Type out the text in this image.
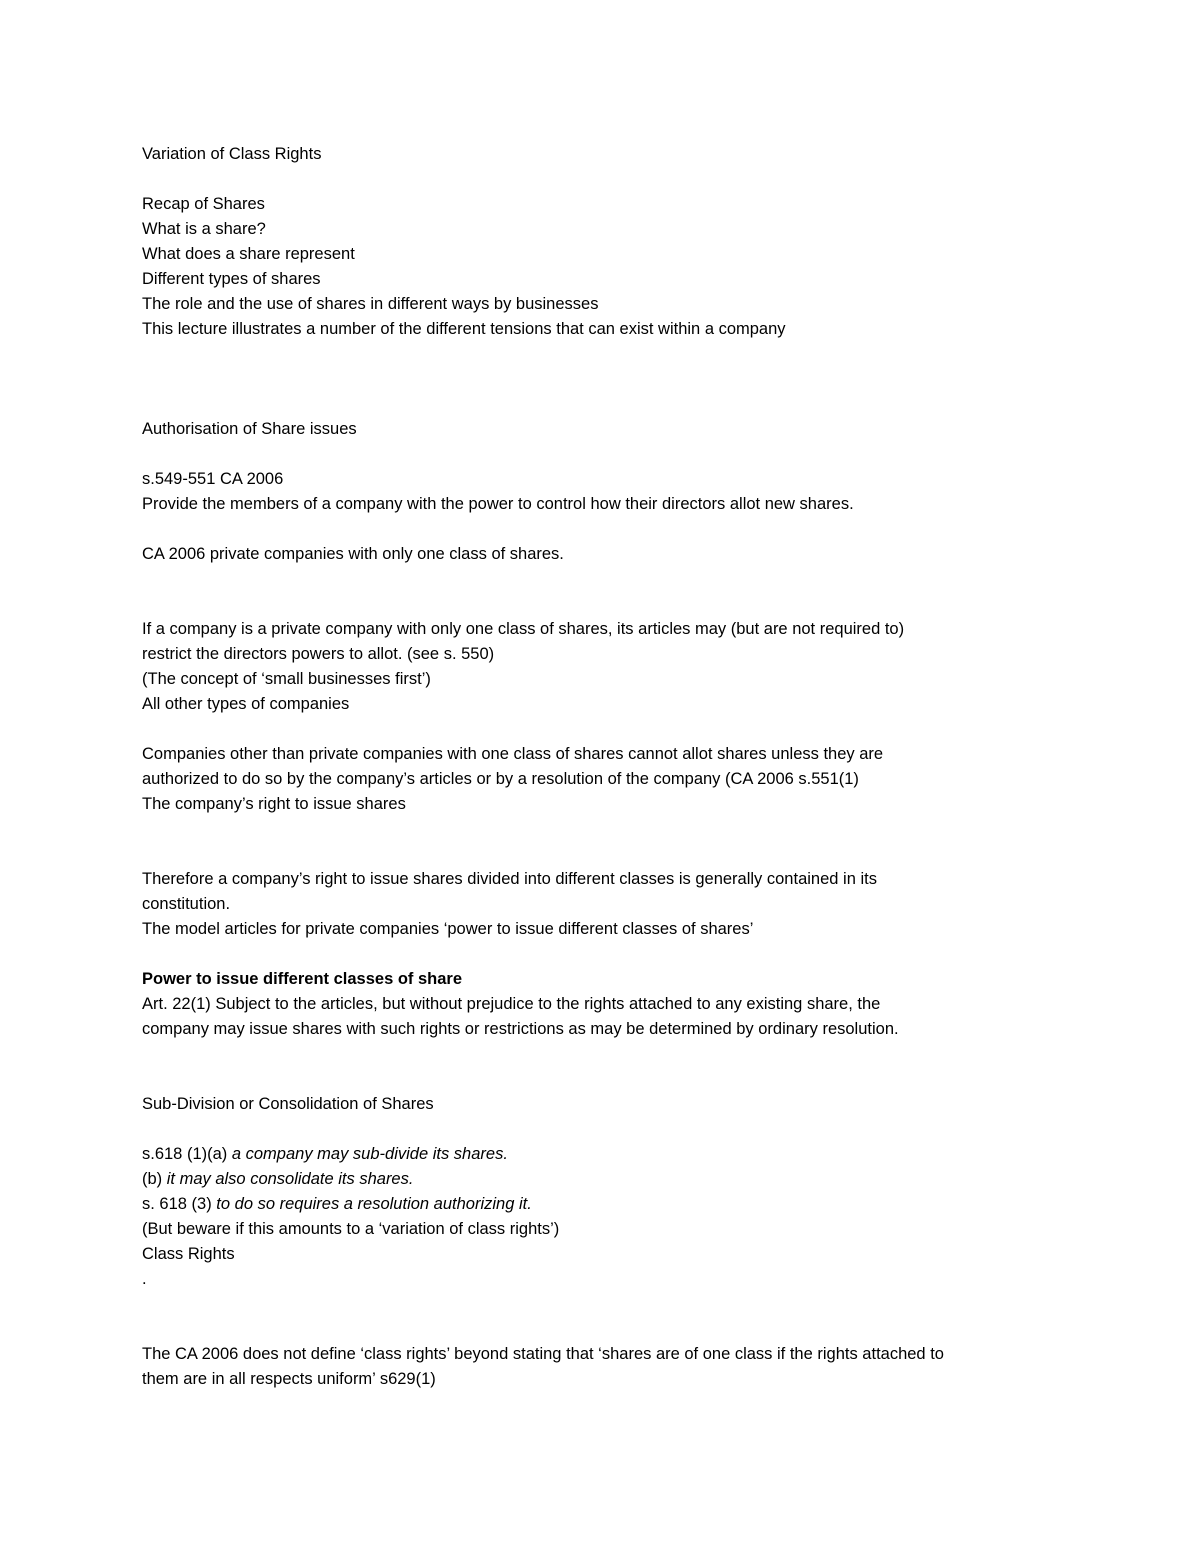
Variation of Class Rights
Recap of Shares
What is a share?
What does a share represent
Different types of shares
The role and the use of shares in different ways by businesses
This lecture illustrates a number of the different tensions that can exist within a company
Authorisation of Share issues
s.549-551 CA 2006
Provide the members of a company with the power to control how their directors allot new shares.
CA 2006 private companies with only one class of shares.
If a company is a private company with only one class of shares, its articles may (but are not required to)
restrict the directors powers to allot. (see s. 550)
(The concept of ‘small businesses first’)
All other types of companies
Companies other than private companies with one class of shares cannot allot shares unless they are
authorized to do so by the company’s articles or by a resolution of the company (CA 2006 s.551(1)
The company’s right to issue shares
Therefore a company’s right to issue shares divided into different classes is generally contained in its
constitution.
The model articles for private companies ‘power to issue different classes of shares’
Power to issue different classes of share
Art. 22(1) Subject to the articles, but without prejudice to the rights attached to any existing share, the
company may issue shares with such rights or restrictions as may be determined by ordinary resolution.
Sub-Division or Consolidation of Shares
s.618 (1)(a) a company may sub-divide its shares.
(b) it may also consolidate its shares.
s. 618 (3) to do so requires a resolution authorizing it.
(But beware if this amounts to a ‘variation of class rights’)
Class Rights
.
The CA 2006 does not define ‘class rights’ beyond stating that ‘shares are of one class if the rights attached to
them are in all respects uniform’ s629(1)
